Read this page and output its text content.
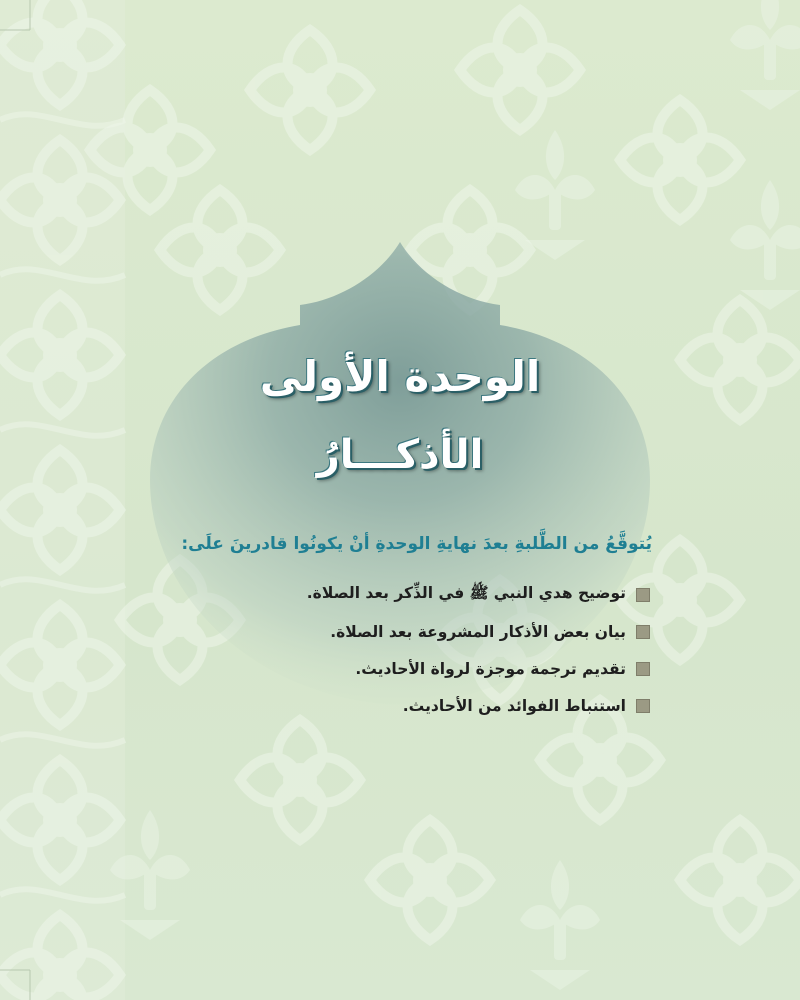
الوحدة الأولى
الأذكـــارُ
يُتوقَّعُ من الطَّلبةِ بعدَ نهايةِ الوحدةِ أنْ يكونُوا قادرينَ علَى:
توضيح هدي النبي ﷺ في الذِّكر بعد الصلاة.
بيان بعض الأذكار المشروعة بعد الصلاة.
تقديم ترجمة موجزة لرواة الأحاديث.
استنباط الفوائد من الأحاديث.
